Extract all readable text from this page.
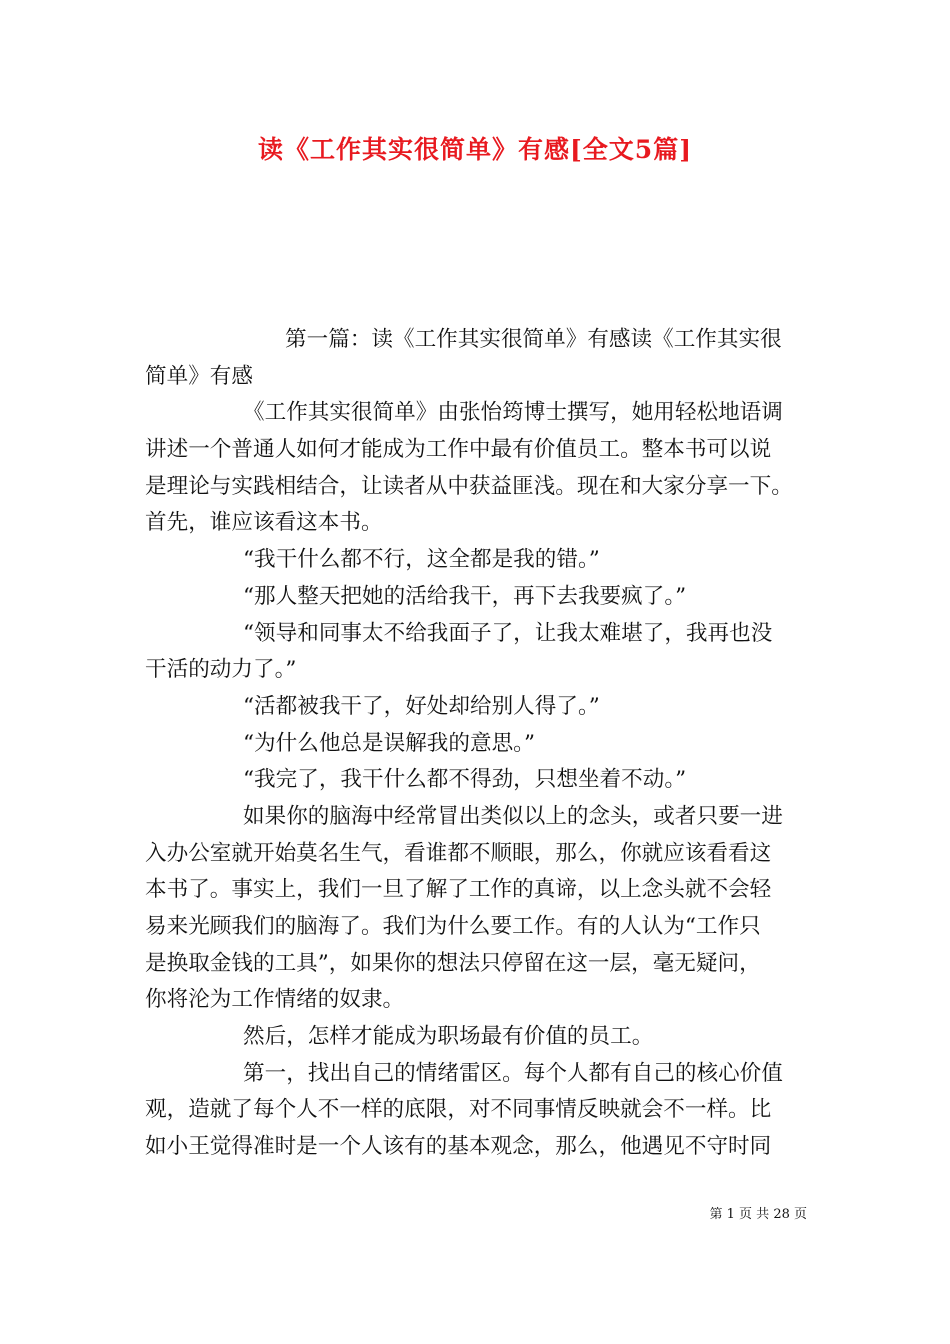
读《工作其实很简单》有感[全文5篇]
第一篇：读《工作其实很简单》有感读《工作其实很
简单》有感
《工作其实很简单》由张怡筠博士撰写，她用轻松地语调
讲述一个普通人如何才能成为工作中最有价值员工。整本书可以说
是理论与实践相结合，让读者从中获益匪浅。现在和大家分享一下。
首先，谁应该看这本书。
“我干什么都不行，这全都是我的错。”
“那人整天把她的活给我干，再下去我要疯了。”
“领导和同事太不给我面子了，让我太难堪了，我再也没
干活的动力了。”
“活都被我干了，好处却给别人得了。”
“为什么他总是误解我的意思。”
“我完了，我干什么都不得劲，只想坐着不动。”
如果你的脑海中经常冒出类似以上的念头，或者只要一进
入办公室就开始莫名生气，看谁都不顺眼，那么，你就应该看看这
本书了。事实上，我们一旦了解了工作的真谛，以上念头就不会轻
易来光顾我们的脑海了。我们为什么要工作。有的人认为“工作只
是换取金钱的工具”，如果你的想法只停留在这一层，毫无疑问，
你将沦为工作情绪的奴隶。
然后，怎样才能成为职场最有价值的员工。
第一，找出自己的情绪雷区。每个人都有自己的核心价值
观，造就了每个人不一样的底限，对不同事情反映就会不一样。比
如小王觉得准时是一个人该有的基本观念，那么，他遇见不守时同
第 1 页 共 28 页
